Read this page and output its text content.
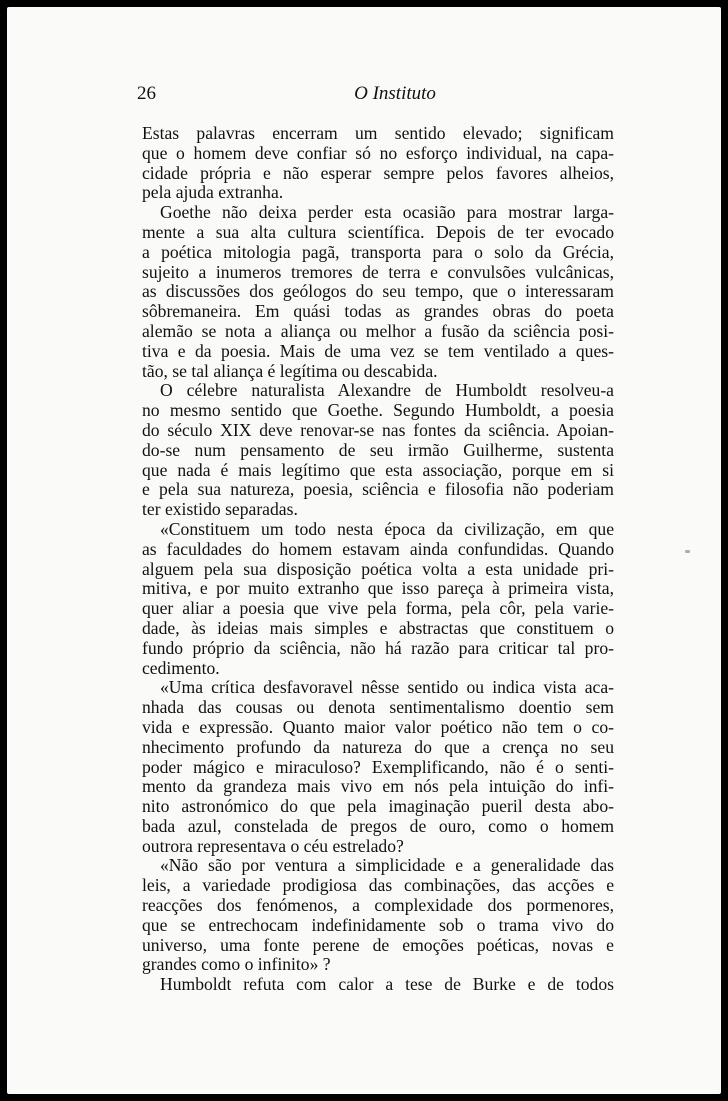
26	O Instituto

Estas palavras encerram um sentido elevado; significam
que o homem deve confiar só no esforço individual, na capa-
cidade própria e não esperar sempre pelos favores alheios,
pela ajuda extranha.

Goethe não deixa perder esta ocasião para mostrar larga-
mente a sua alta cultura scientífica. Depois de ter evocado
a poética mitologia pagã, transporta para o solo da Grécia,
sujeito a inumeros tremores de terra e convulsões vulcânicas,
as discussões dos geólogos do seu tempo, que o interessaram
sôbremaneira. Em quási todas as grandes obras do poeta
alemão se nota a aliança ou melhor a fusão da sciência posi-
tiva e da poesia. Mais de uma vez se tem ventilado a ques-
tão, se tal aliança é legítima ou descabida.

O célebre naturalista Alexandre de Humboldt resolveu-a
no mesmo sentido que Goethe. Segundo Humboldt, a poesia
do século XIX deve renovar-se nas fontes da sciência. Apoian-
do-se num pensamento de seu irmão Guilherme, sustenta
que nada é mais legítimo que esta associação, porque em si
e pela sua natureza, poesia, sciência e filosofia não poderiam
ter existido separadas.

«Constituem um todo nesta época da civilização, em que
as faculdades do homem estavam ainda confundidas. Quando
alguem pela sua disposição poética volta a esta unidade pri-
mitiva, e por muito extranho que isso pareça à primeira vista,
quer aliar a poesia que vive pela forma, pela côr, pela varie-
dade, às ideias mais simples e abstractas que constituem o
fundo próprio da sciência, não há razão para criticar tal pro-
cedimento.

«Uma crítica desfavoravel nêsse sentido ou indica vista aca-
nhada das cousas ou denota sentimentalismo doentio sem
vida e expressão. Quanto maior valor poético não tem o co-
nhecimento profundo da natureza do que a crença no seu
poder mágico e miraculoso? Exemplificando, não é o senti-
mento da grandeza mais vivo em nós pela intuição do infi-
nito astronómico do que pela imaginação pueril desta abo-
bada azul, constelada de pregos de ouro, como o homem
outrora representava o céu estrelado?

«Não são por ventura a simplicidade e a generalidade das
leis, a variedade prodigiosa das combinações, das acções e
reacções dos fenómenos, a complexidade dos pormenores,
que se entrechocam indefinidamente sob o trama vivo do
universo, uma fonte perene de emoções poéticas, novas e
grandes como o infinito» ?

Humboldt refuta com calor a tese de Burke e de todos
